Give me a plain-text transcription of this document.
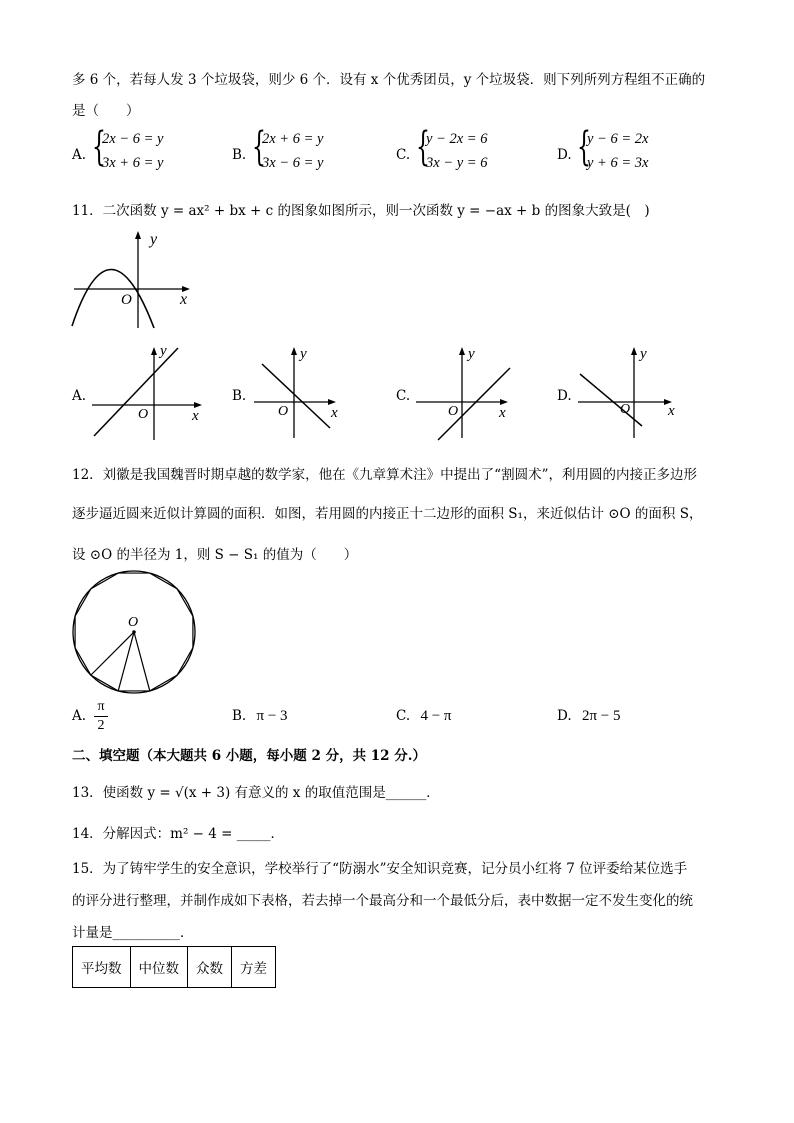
多 6 个，若每人发 3 个垃圾袋，则少 6 个．设有 x 个优秀团员，y 个垃圾袋．则下列所列方程组不正确的
是（　　）
A. {
2x − 6 = y
3x + 6 = y	B. {
2x + 6 = y
3x − 6 = y	C. {
y − 2x = 6
3x − y = 6	D. {
y − 6 = 2x
y + 6 = 3x
11．二次函数 y = ax² + bx + c 的图象如图所示，则一次函数 y = −ax + b 的图象大致是(　)
y
x
O
A.
y
x
O
B.
y
x
O
C.
y
x
O
D.
y
x
O
12．刘徽是我国魏晋时期卓越的数学家，他在《九章算术注》中提出了“割圆术”，利用圆的内接正多边形
逐步逼近圆来近似计算圆的面积．如图，若用圆的内接正十二边形的面积 S₁，来近似估计 ⊙O 的面积 S，
设 ⊙O 的半径为 1，则 S − S₁ 的值为（　　）
O
A.
π
2
B. π − 3	C. 4 − π	D. 2π − 5
二、填空题（本大题共 6 小题，每小题 2 分，共 12 分.）
13．使函数 y = √(x + 3) 有意义的 x 的取值范围是______．
14．分解因式：m² − 4 = _____．
15．为了铸牢学生的安全意识，学校举行了“防溺水”安全知识竞赛，记分员小红将 7 位评委给某位选手
的评分进行整理，并制作成如下表格，若去掉一个最高分和一个最低分后，表中数据一定不发生变化的统
计量是__________．
平均数	中位数	众数	方差
